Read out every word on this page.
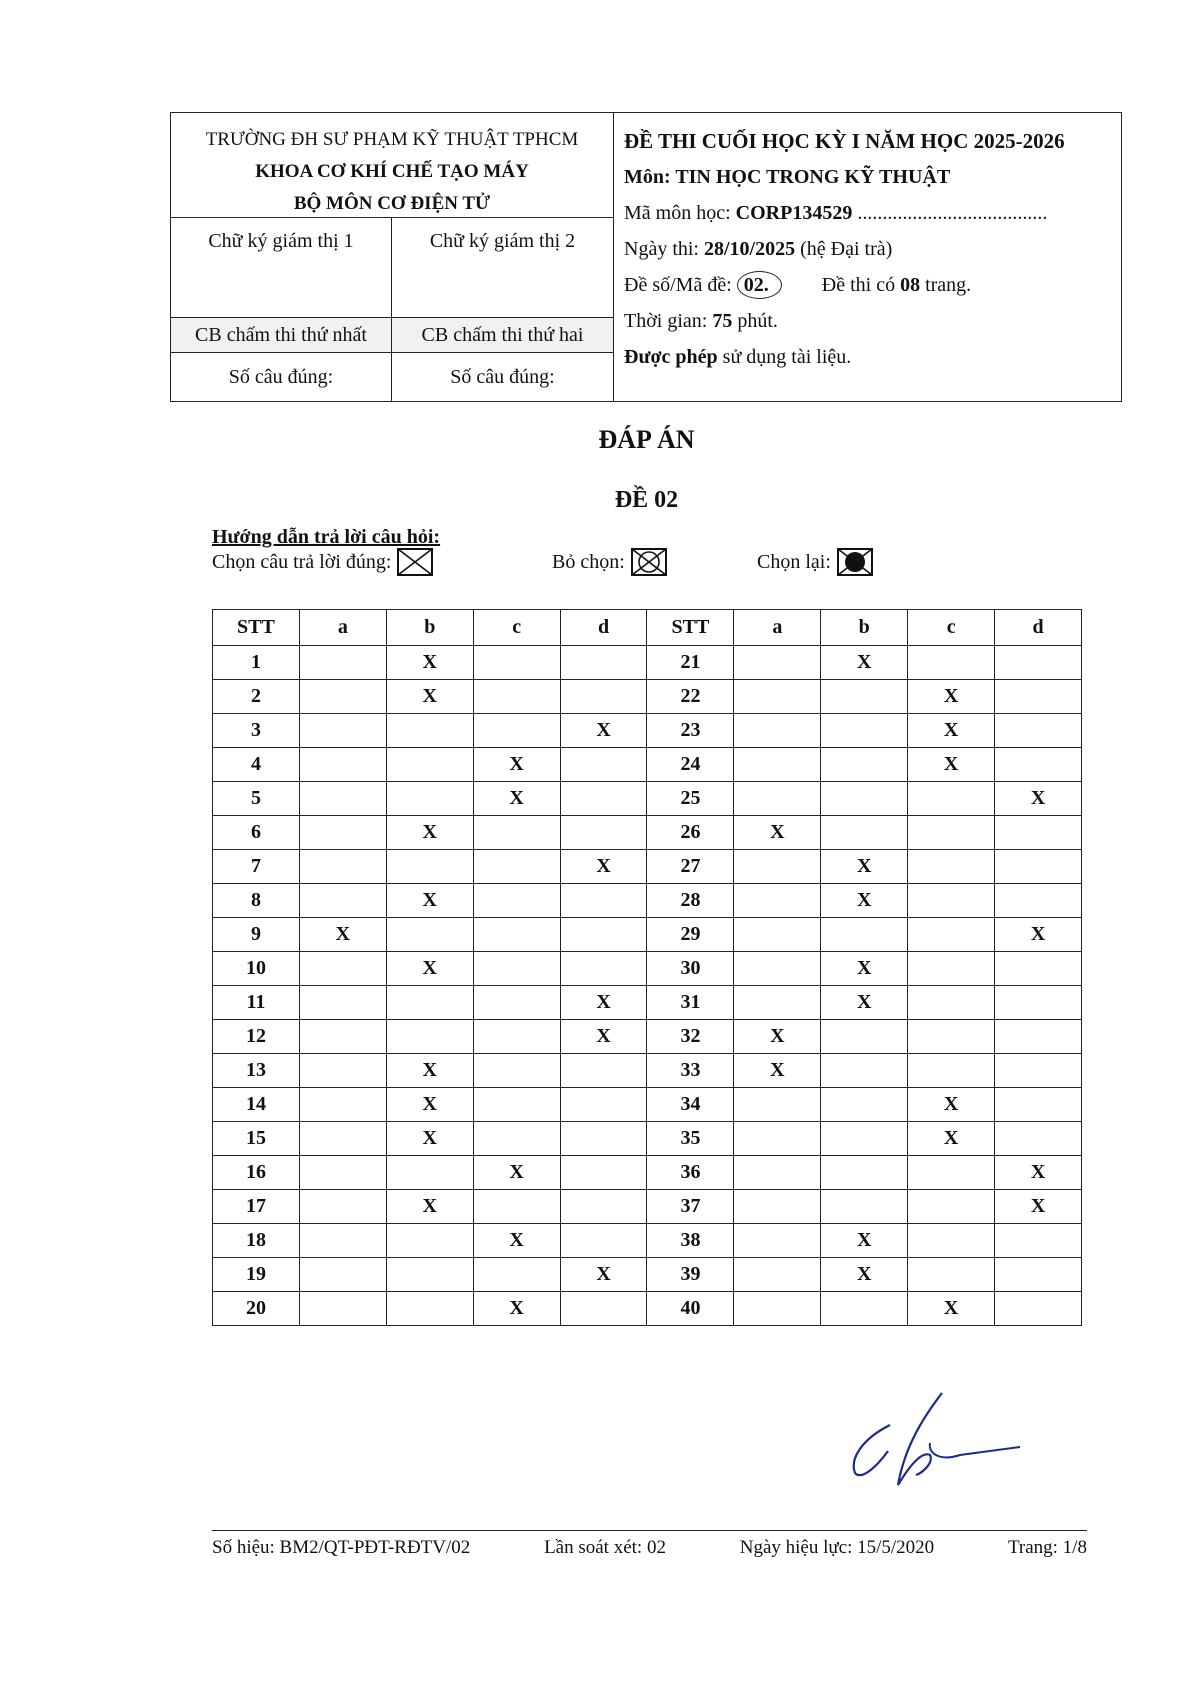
TRƯỜNG ĐH SƯ PHẠM KỸ THUẬT TPHCM
KHOA CƠ KHÍ CHẾ TẠO MÁY
BỘ MÔN CƠ ĐIỆN TỬ
Chữ ký giám thị 1	Chữ ký giám thị 2
CB chấm thi thứ nhất	CB chấm thi thứ hai
Số câu đúng:	Số câu đúng:
ĐỀ THI CUỐI HỌC KỲ I NĂM HỌC 2025-2026
Môn: TIN HỌC TRONG KỸ THUẬT
Mã môn học: CORP134529 ......................................
Ngày thi: 28/10/2025 (hệ Đại trà)
Đề số/Mã đề: 02.	Đề thi có 08 trang.
Thời gian: 75 phút.
Được phép sử dụng tài liệu.
ĐÁP ÁN
ĐỀ 02
Hướng dẫn trả lời câu hỏi:
Chọn câu trả lời đúng:	Bỏ chọn:	Chọn lại:
STT	a	b	c	d	STT	a	b	c	d
1		X			21		X		
2		X			22			X	
3				X	23			X	
4			X		24			X	
5			X		25				X
6		X			26	X			
7				X	27		X		
8		X			28		X		
9	X				29				X
10		X			30		X		
11				X	31		X		
12				X	32	X			
13		X			33	X			
14		X			34			X	
15		X			35			X	
16			X		36				X
17		X			37				X
18			X		38		X		
19				X	39		X		
20			X		40			X	
Số hiệu: BM2/QT-PĐT-RĐTV/02	Lần soát xét: 02	Ngày hiệu lực: 15/5/2020	Trang: 1/8
